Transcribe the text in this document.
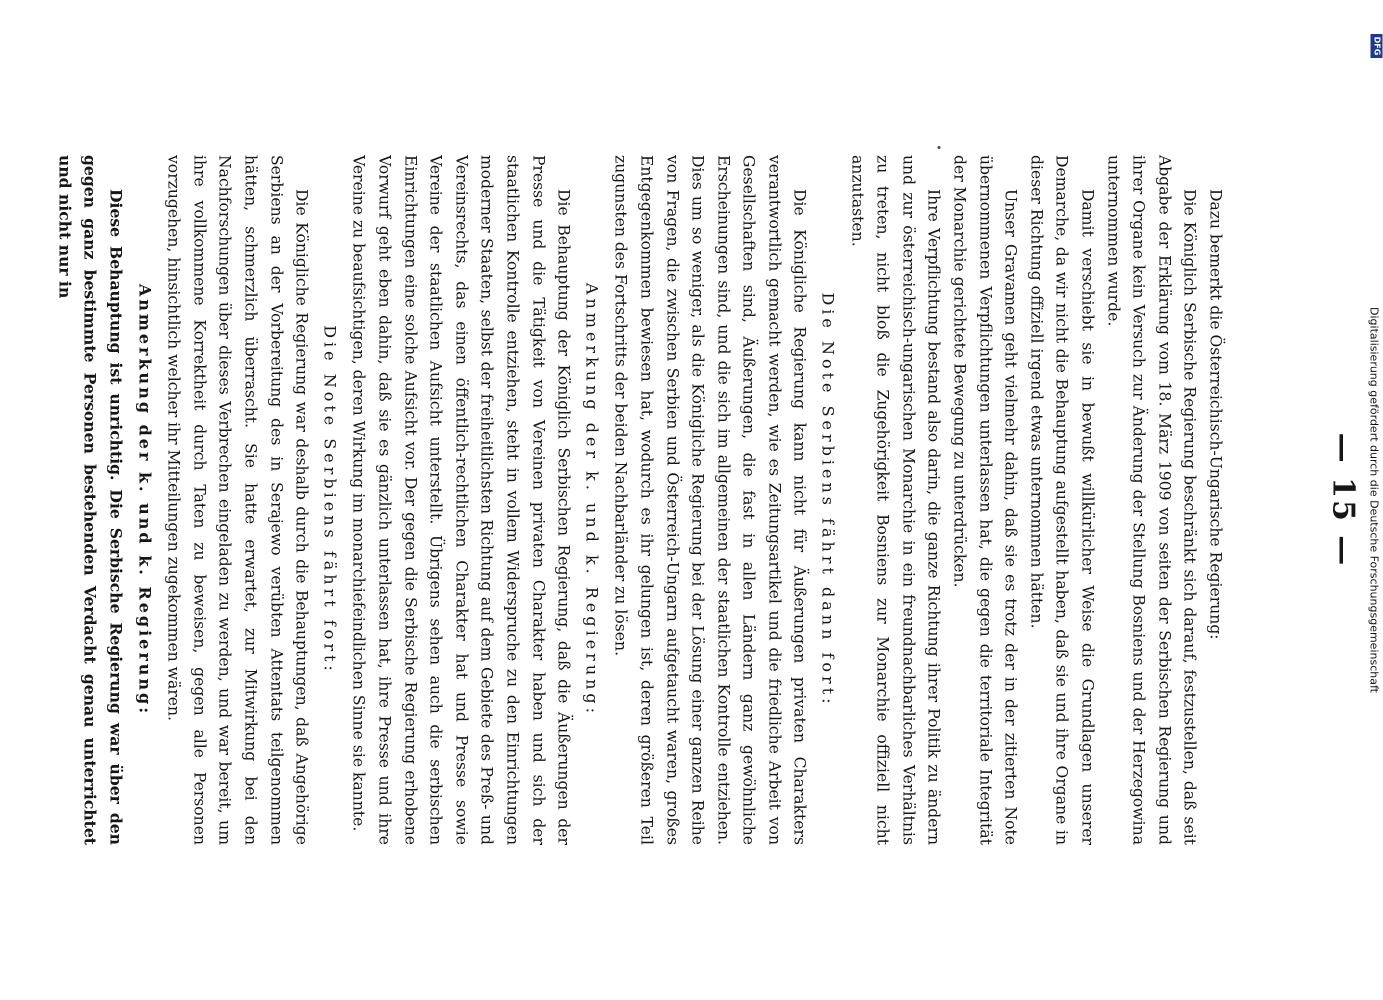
— 15 —

Dazu bemerkt die Österreichisch-Ungarische Regierung:

Die Königlich Serbische Regierung beschränkt sich darauf, festzustellen, daß seit Abgabe der Erklärung vom 18. März 1909 von seiten der Serbischen Regierung und ihrer Organe kein Versuch zur Änderung der Stellung Bosniens und der Herzegowina unternommen wurde.

Damit verschiebt sie in bewußt willkürlicher Weise die Grundlagen unserer Demarche, da wir nicht die Behauptung aufgestellt haben, daß sie und ihre Organe in dieser Richtung offiziell irgend etwas unternommen hätten.

Unser Gravamen geht vielmehr dahin, daß sie es trotz der in der zitierten Note übernommenen Verpflichtungen unterlassen hat, die gegen die territoriale Integrität der Monarchie gerichtete Bewegung zu unterdrücken.

Ihre Verpflichtung bestand also darin, die ganze Richtung ihrer Politik zu ändern und zur österreichisch-ungarischen Monarchie in ein freundnachbarliches Verhältnis zu treten, nicht bloß die Zugehörigkeit Bosniens zur Monarchie offiziell nicht anzutasten.

Die Note Serbiens fährt dann fort:

Die Königliche Regierung kann nicht für Äußerungen privaten Charakters verantwortlich gemacht werden, wie es Zeitungsartikel und die friedliche Arbeit von Gesellschaften sind, Äußerungen, die fast in allen Ländern ganz gewöhnliche Erscheinungen sind, und die sich im allgemeinen der staatlichen Kontrolle entziehen. Dies um so weniger, als die Königliche Regierung bei der Lösung einer ganzen Reihe von Fragen, die zwischen Serbien und Österreich-Ungarn aufgetaucht waren, großes Entgegenkommen bewiesen hat, wodurch es ihr gelungen ist, deren größeren Teil zugunsten des Fortschritts der beiden Nachbarländer zu lösen.

Anmerkung der k. und k. Regierung:

Die Behauptung der Königlich Serbischen Regierung, daß die Äußerungen der Presse und die Tätigkeit von Vereinen privaten Charakter haben und sich der staatlichen Kontrolle entziehen, steht in vollem Widerspruche zu den Einrichtungen moderner Staaten, selbst der freiheitlichsten Richtung auf dem Gebiete des Preß- und Vereinsrechts, das einen öffentlich-rechtlichen Charakter hat und Presse sowie Vereine der staatlichen Aufsicht unterstellt. Übrigens sehen auch die serbischen Einrichtungen eine solche Aufsicht vor. Der gegen die Serbische Regierung erhobene Vorwurf geht eben dahin, daß sie es gänzlich unterlassen hat, ihre Presse und ihre Vereine zu beaufsichtigen, deren Wirkung im monarchiefeindlichen Sinne sie kannte.

Die Note Serbiens fährt fort:

Die Königliche Regierung war deshalb durch die Behauptungen, daß Angehörige Serbiens an der Vorbereitung des in Serajewo verübten Attentats teilgenommen hätten, schmerzlich überrascht. Sie hatte erwartet, zur Mitwirkung bei den Nachforschungen über dieses Verbrechen eingeladen zu werden, und war bereit, um ihre vollkommene Korrektheit durch Taten zu beweisen, gegen alle Personen vorzugehen, hinsichtlich welcher ihr Mitteilungen zugekommen wären.

Anmerkung der k. und k. Regierung:

Diese Behauptung ist unrichtig. Die Serbische Regierung war über den gegen ganz bestimmte Personen bestehenden Verdacht genau unterrichtet und nicht nur in

Digitalisierung gefördert durch die Deutsche Forschungsgemeinschaft
DFG
